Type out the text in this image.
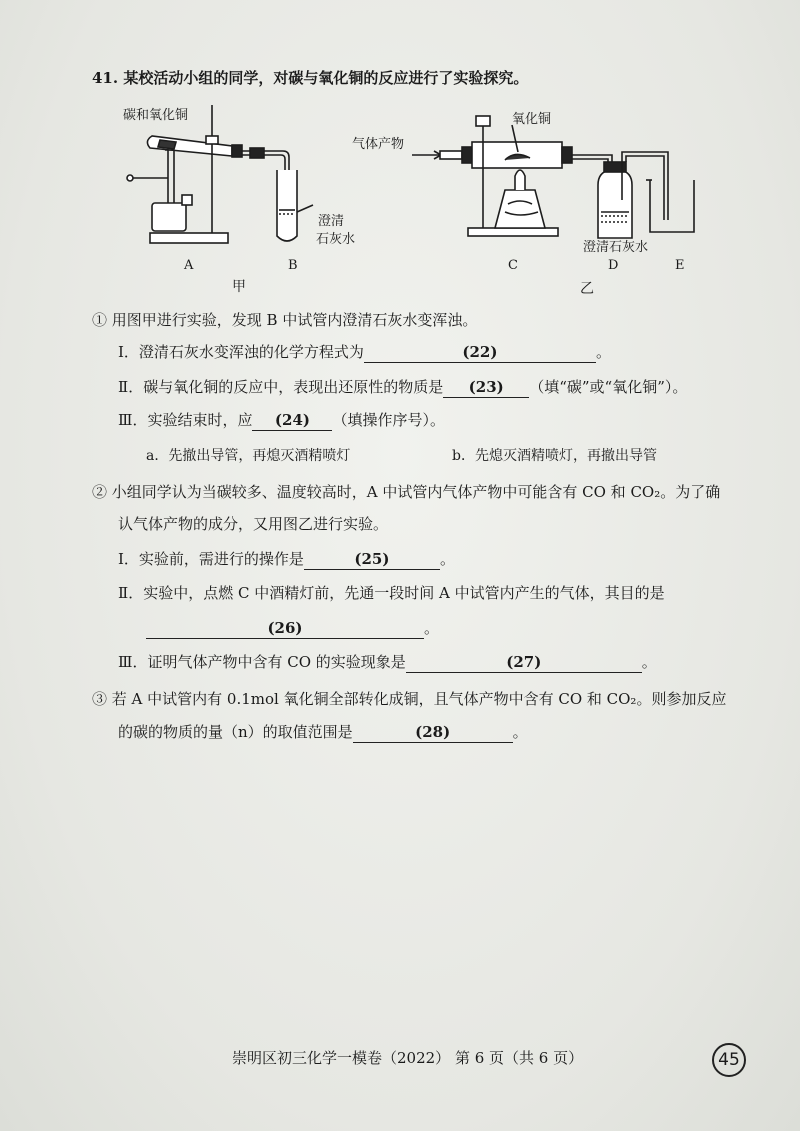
41. 某校活动小组的同学，对碳与氧化铜的反应进行了实验探究。
碳和氧化铜
澄清
石灰水
气体产物
氧化铜
澄清石灰水
A	B	C	D	E
甲	乙
① 用图甲进行实验，发现 B 中试管内澄清石灰水变浑浊。
Ⅰ．澄清石灰水变浑浊的化学方程式为	(22)	。
Ⅱ．碳与氧化铜的反应中，表现出还原性的物质是 (23) （填“碳”或“氧化铜”）。
Ⅲ．实验结束时，应 (24) （填操作序号）。
a．先撤出导管，再熄灭酒精喷灯	b．先熄灭酒精喷灯，再撤出导管
② 小组同学认为当碳较多、温度较高时，A 中试管内气体产物中可能含有 CO 和 CO₂。为了确
认气体产物的成分，又用图乙进行实验。
Ⅰ．实验前，需进行的操作是	(25)	。
Ⅱ．实验中，点燃 C 中酒精灯前，先通一段时间 A 中试管内产生的气体，其目的是
(26)	。
Ⅲ．证明气体产物中含有 CO 的实验现象是	(27)	。
③ 若 A 中试管内有 0.1mol 氧化铜全部转化成铜，且气体产物中含有 CO 和 CO₂。则参加反应
的碳的物质的量（n）的取值范围是	(28)	。
崇明区初三化学一模卷（2022） 第 6 页（共 6 页）	45
